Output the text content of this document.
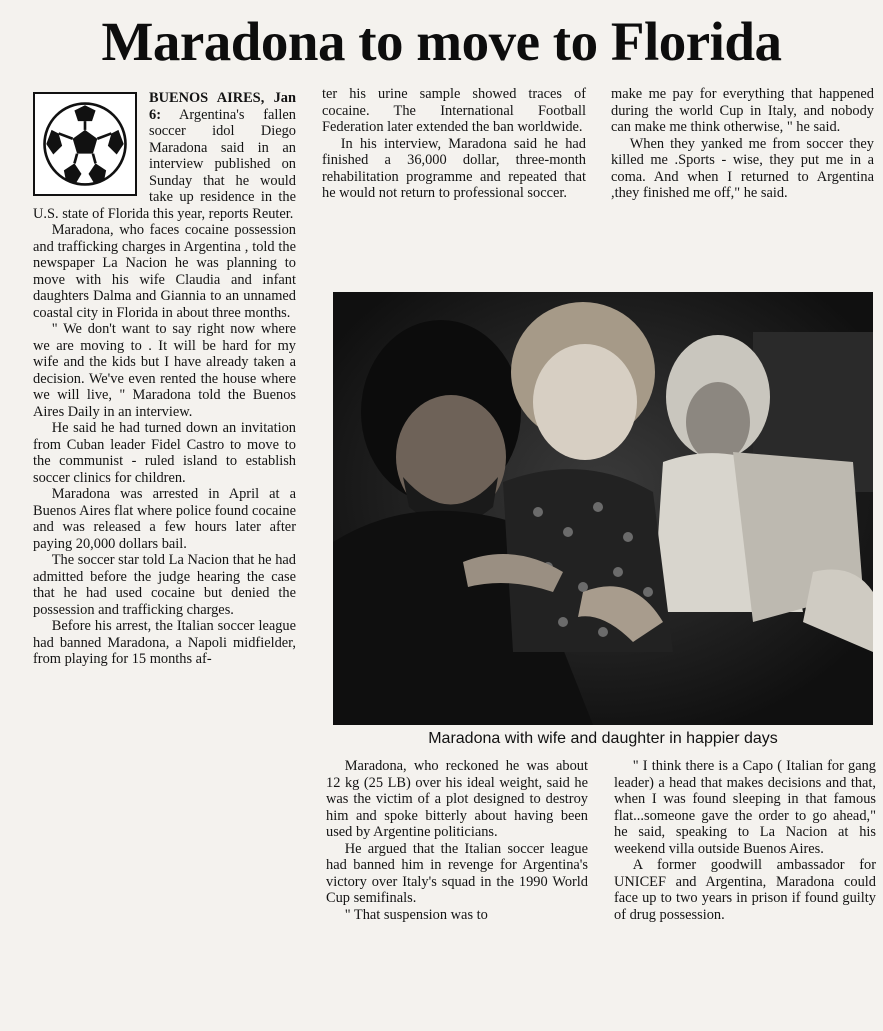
Maradona to move to Florida

BUENOS AIRES, Jan 6: Argentina's fallen soccer idol Diego Maradona said in an interview published on Sunday that he would take up residence in the U.S. state of Florida this year, reports Reuter.

Maradona, who faces cocaine possession and trafficking charges in Argentina , told the newspaper La Nacion he was planning to move with his wife Claudia and infant daughters Dalma and Giannia to an unnamed coastal city in Florida in about three months.

" We don't want to say right now where we are moving to . It will be hard for my wife and the kids but I have already taken a decision. We've even rented the house where we will live, " Maradona told the Buenos Aires Daily in an interview.

He said he had turned down an invitation from Cuban leader Fidel Castro to move to the communist - ruled island to establish soccer clinics for children.

Maradona was arrested in April at a Buenos Aires flat where police found cocaine and was released a few hours later after paying 20,000 dollars bail.

The soccer star told La Nacion that he had admitted before the judge hearing the case that he had used cocaine but denied the possession and trafficking charges.

Before his arrest, the Italian soccer league had banned Maradona, a Napoli midfielder, from playing for 15 months af-

ter his urine sample showed traces of cocaine. The International Football Federation later extended the ban worldwide.

In his interview, Maradona said he had finished a 36,000 dollar, three-month rehabilitation programme and repeated that he would not return to professional soccer.

make me pay for everything that happened during the world Cup in Italy, and nobody can make me think otherwise, " he said.

When they yanked me from soccer they killed me .Sports - wise, they put me in a coma. And when I returned to Argentina ,they finished me off," he said.

Maradona with wife and daughter in happier days

Maradona, who reckoned he was about 12 kg (25 LB) over his ideal weight, said he was the victim of a plot designed to destroy him and spoke bitterly about having been used by Argentine politicians.

He argued that the Italian soccer league had banned him in revenge for Argentina's victory over Italy's squad in the 1990 World Cup semifinals.

" That suspension was to

" I think there is a Capo ( Italian for gang leader) a head that makes decisions and that, when I was found sleeping in that famous flat...someone gave the order to go ahead," he said, speaking to La Nacion at his weekend villa outside Buenos Aires.

A former goodwill ambassador for UNICEF and Argentina, Maradona could face up to two years in prison if found guilty of drug possession.
